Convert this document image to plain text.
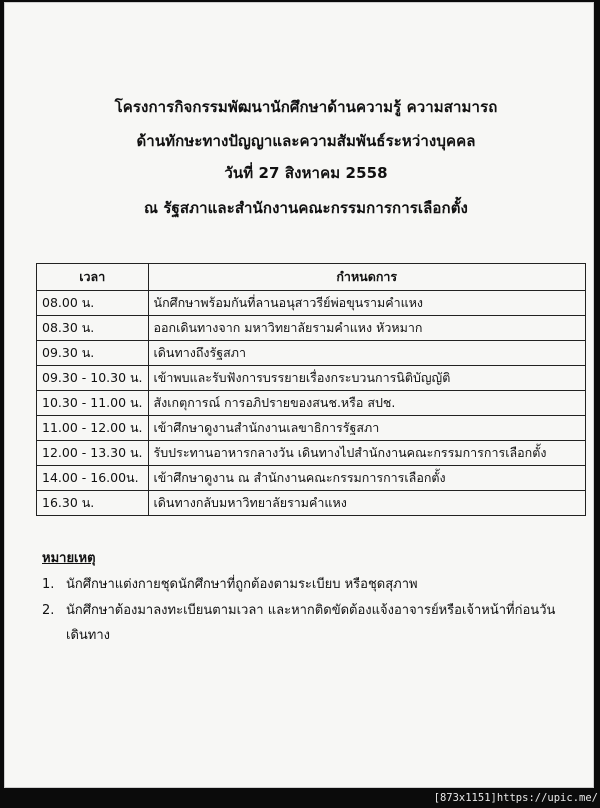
โครงการกิจกรรมพัฒนานักศึกษาด้านความรู้ ความสามารถ
ด้านทักษะทางปัญญาและความสัมพันธ์ระหว่างบุคคล
วันที่ 27 สิงหาคม 2558
ณ รัฐสภาและสำนักงานคณะกรรมการการเลือกตั้ง
เวลา	กำหนดการ
08.00 น.	นักศึกษาพร้อมกันที่ลานอนุสาวรีย์พ่อขุนรามคำแหง
08.30 น.	ออกเดินทางจาก มหาวิทยาลัยรามคำแหง หัวหมาก
09.30 น.	เดินทางถึงรัฐสภา
09.30 - 10.30 น.	เข้าพบและรับฟังการบรรยายเรื่องกระบวนการนิติบัญญัติ
10.30 - 11.00 น.	สังเกตุการณ์ การอภิปรายของสนช.หรือ สปช.
11.00 - 12.00 น.	เข้าศึกษาดูงานสำนักงานเลขาธิการรัฐสภา
12.00 - 13.30 น.	รับประทานอาหารกลางวัน เดินทางไปสำนักงานคณะกรรมการการเลือกตั้ง
14.00 - 16.00น.	เข้าศึกษาดูงาน ณ สำนักงานคณะกรรมการการเลือกตั้ง
16.30 น.	เดินทางกลับมหาวิทยาลัยรามคำแหง
หมายเหตุ
1. นักศึกษาแต่งกายชุดนักศึกษาที่ถูกต้องตามระเบียบ หรือชุดสุภาพ
2. นักศึกษาต้องมาลงทะเบียนตามเวลา และหากติดขัดต้องแจ้งอาจารย์หรือเจ้าหน้าที่ก่อนวัน
เดินทาง
[873x1151]https://upic.me/
